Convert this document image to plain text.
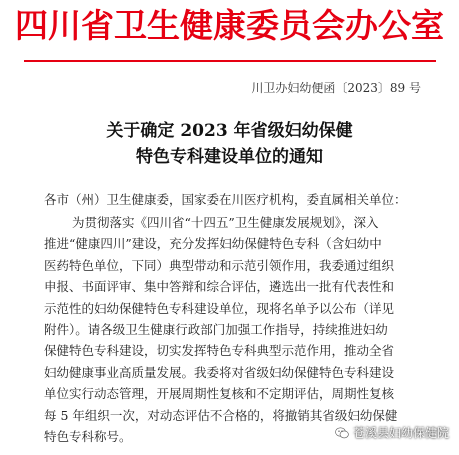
四川省卫生健康委员会办公室
川卫办妇幼便函〔2023〕89 号
关于确定 2023 年省级妇幼保健
特色专科建设单位的通知
各市（州）卫生健康委，国家委在川医疗机构，委直属相关单位：
为贯彻落实《四川省“十四五”卫生健康发展规划》，深入
推进“健康四川”建设，充分发挥妇幼保健特色专科（含妇幼中
医药特色单位，下同）典型带动和示范引领作用，我委通过组织
申报、书面评审、集中答辩和综合评估，遴选出一批有代表性和
示范性的妇幼保健特色专科建设单位，现将名单予以公布（详见
附件）。请各级卫生健康行政部门加强工作指导，持续推进妇幼
保健特色专科建设，切实发挥特色专科典型示范作用，推动全省
妇幼健康事业高质量发展。我委将对省级妇幼保健特色专科建设
单位实行动态管理，开展周期性复核和不定期评估，周期性复核
每 5 年组织一次，对动态评估不合格的，将撤销其省级妇幼保健
特色专科称号。	苍溪县妇幼保健院
